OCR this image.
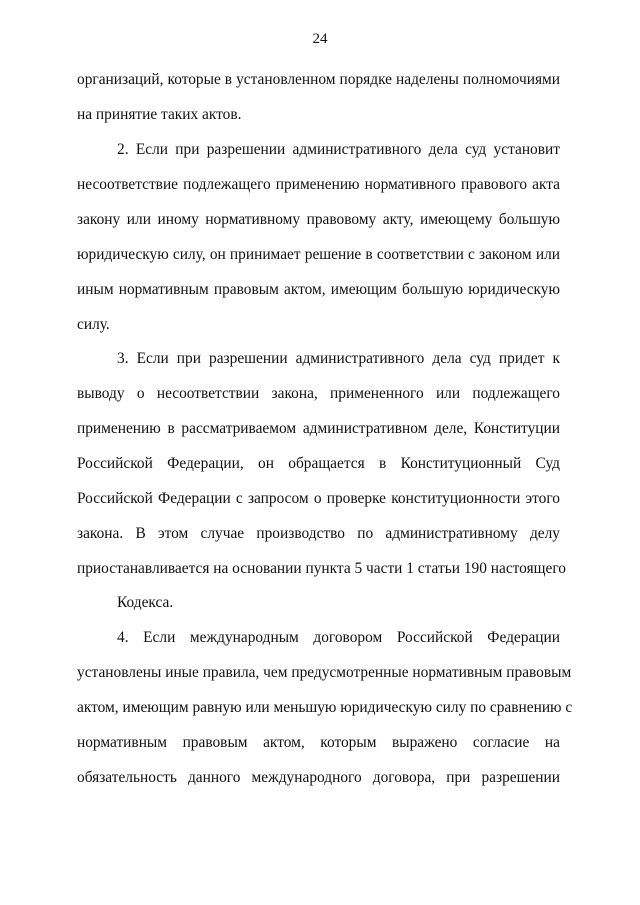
24
организаций, которые в установленном порядке наделены полномочиями
на принятие таких актов.
2. Если при разрешении административного дела суд установит
несоответствие подлежащего применению нормативного правового акта
закону или иному нормативному правовому акту, имеющему большую
юридическую силу, он принимает решение в соответствии с законом или
иным нормативным правовым актом, имеющим большую юридическую
силу.
3. Если при разрешении административного дела суд придет к
выводу о несоответствии закона, примененного или подлежащего
применению в рассматриваемом административном деле, Конституции
Российской Федерации, он обращается в Конституционный Суд
Российской Федерации с запросом о проверке конституционности этого
закона. В этом случае производство по административному делу
приостанавливается на основании пункта 5 части 1 статьи 190 настоящего
Кодекса.
4. Если международным договором Российской Федерации
установлены иные правила, чем предусмотренные нормативным правовым
актом, имеющим равную или меньшую юридическую силу по сравнению с
нормативным правовым актом, которым выражено согласие на
обязательность данного международного договора, при разрешении
